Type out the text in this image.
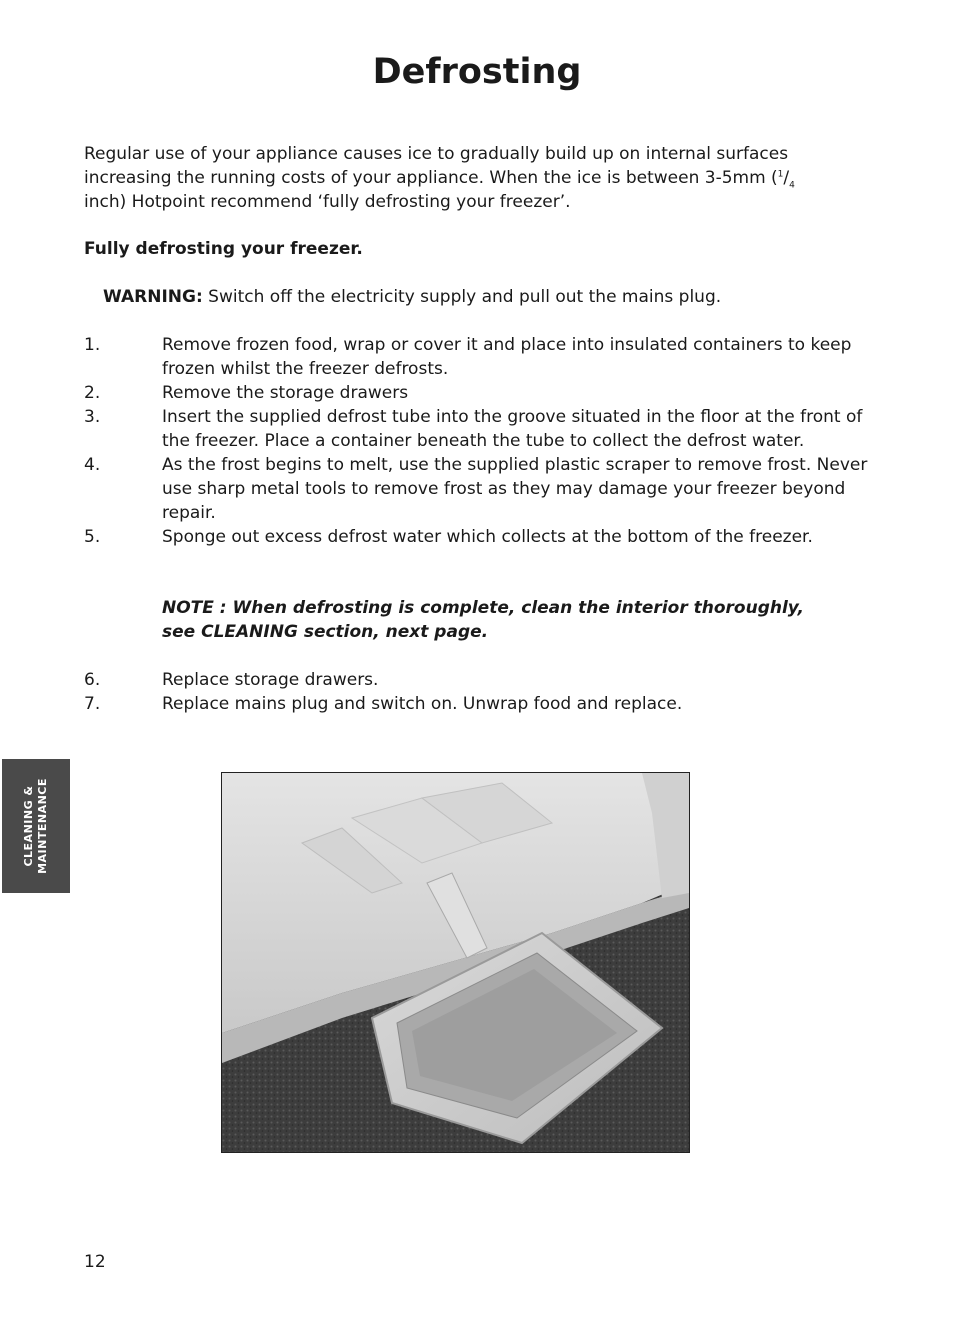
Defrosting
Regular use of your appliance causes ice to gradually build up on internal surfaces
increasing the running costs of your appliance. When the ice is between 3-5mm ($^1/_4$
inch) Hotpoint recommend ‘fully defrosting your freezer’.
Fully defrosting your freezer.
WARNING: Switch off the electricity supply and pull out the mains plug.
1.	Remove frozen food, wrap or cover it and place into insulated containers to keep frozen whilst the freezer defrosts.
2.	Remove the storage drawers
3.	Insert the supplied defrost tube into the groove situated in the floor at the front of the freezer. Place a container beneath the tube to collect the defrost water.
4.	As the frost begins to melt, use the supplied plastic scraper to remove frost. Never use sharp metal tools to remove frost as they may damage your freezer beyond repair.
5.	Sponge out excess defrost water which collects at the bottom of the freezer.
NOTE : When defrosting is complete, clean the interior thoroughly,
see CLEANING section, next page.
6.	Replace storage drawers.
7.	Replace mains plug and switch on. Unwrap food and replace.
CLEANING &
MAINTENANCE
12
